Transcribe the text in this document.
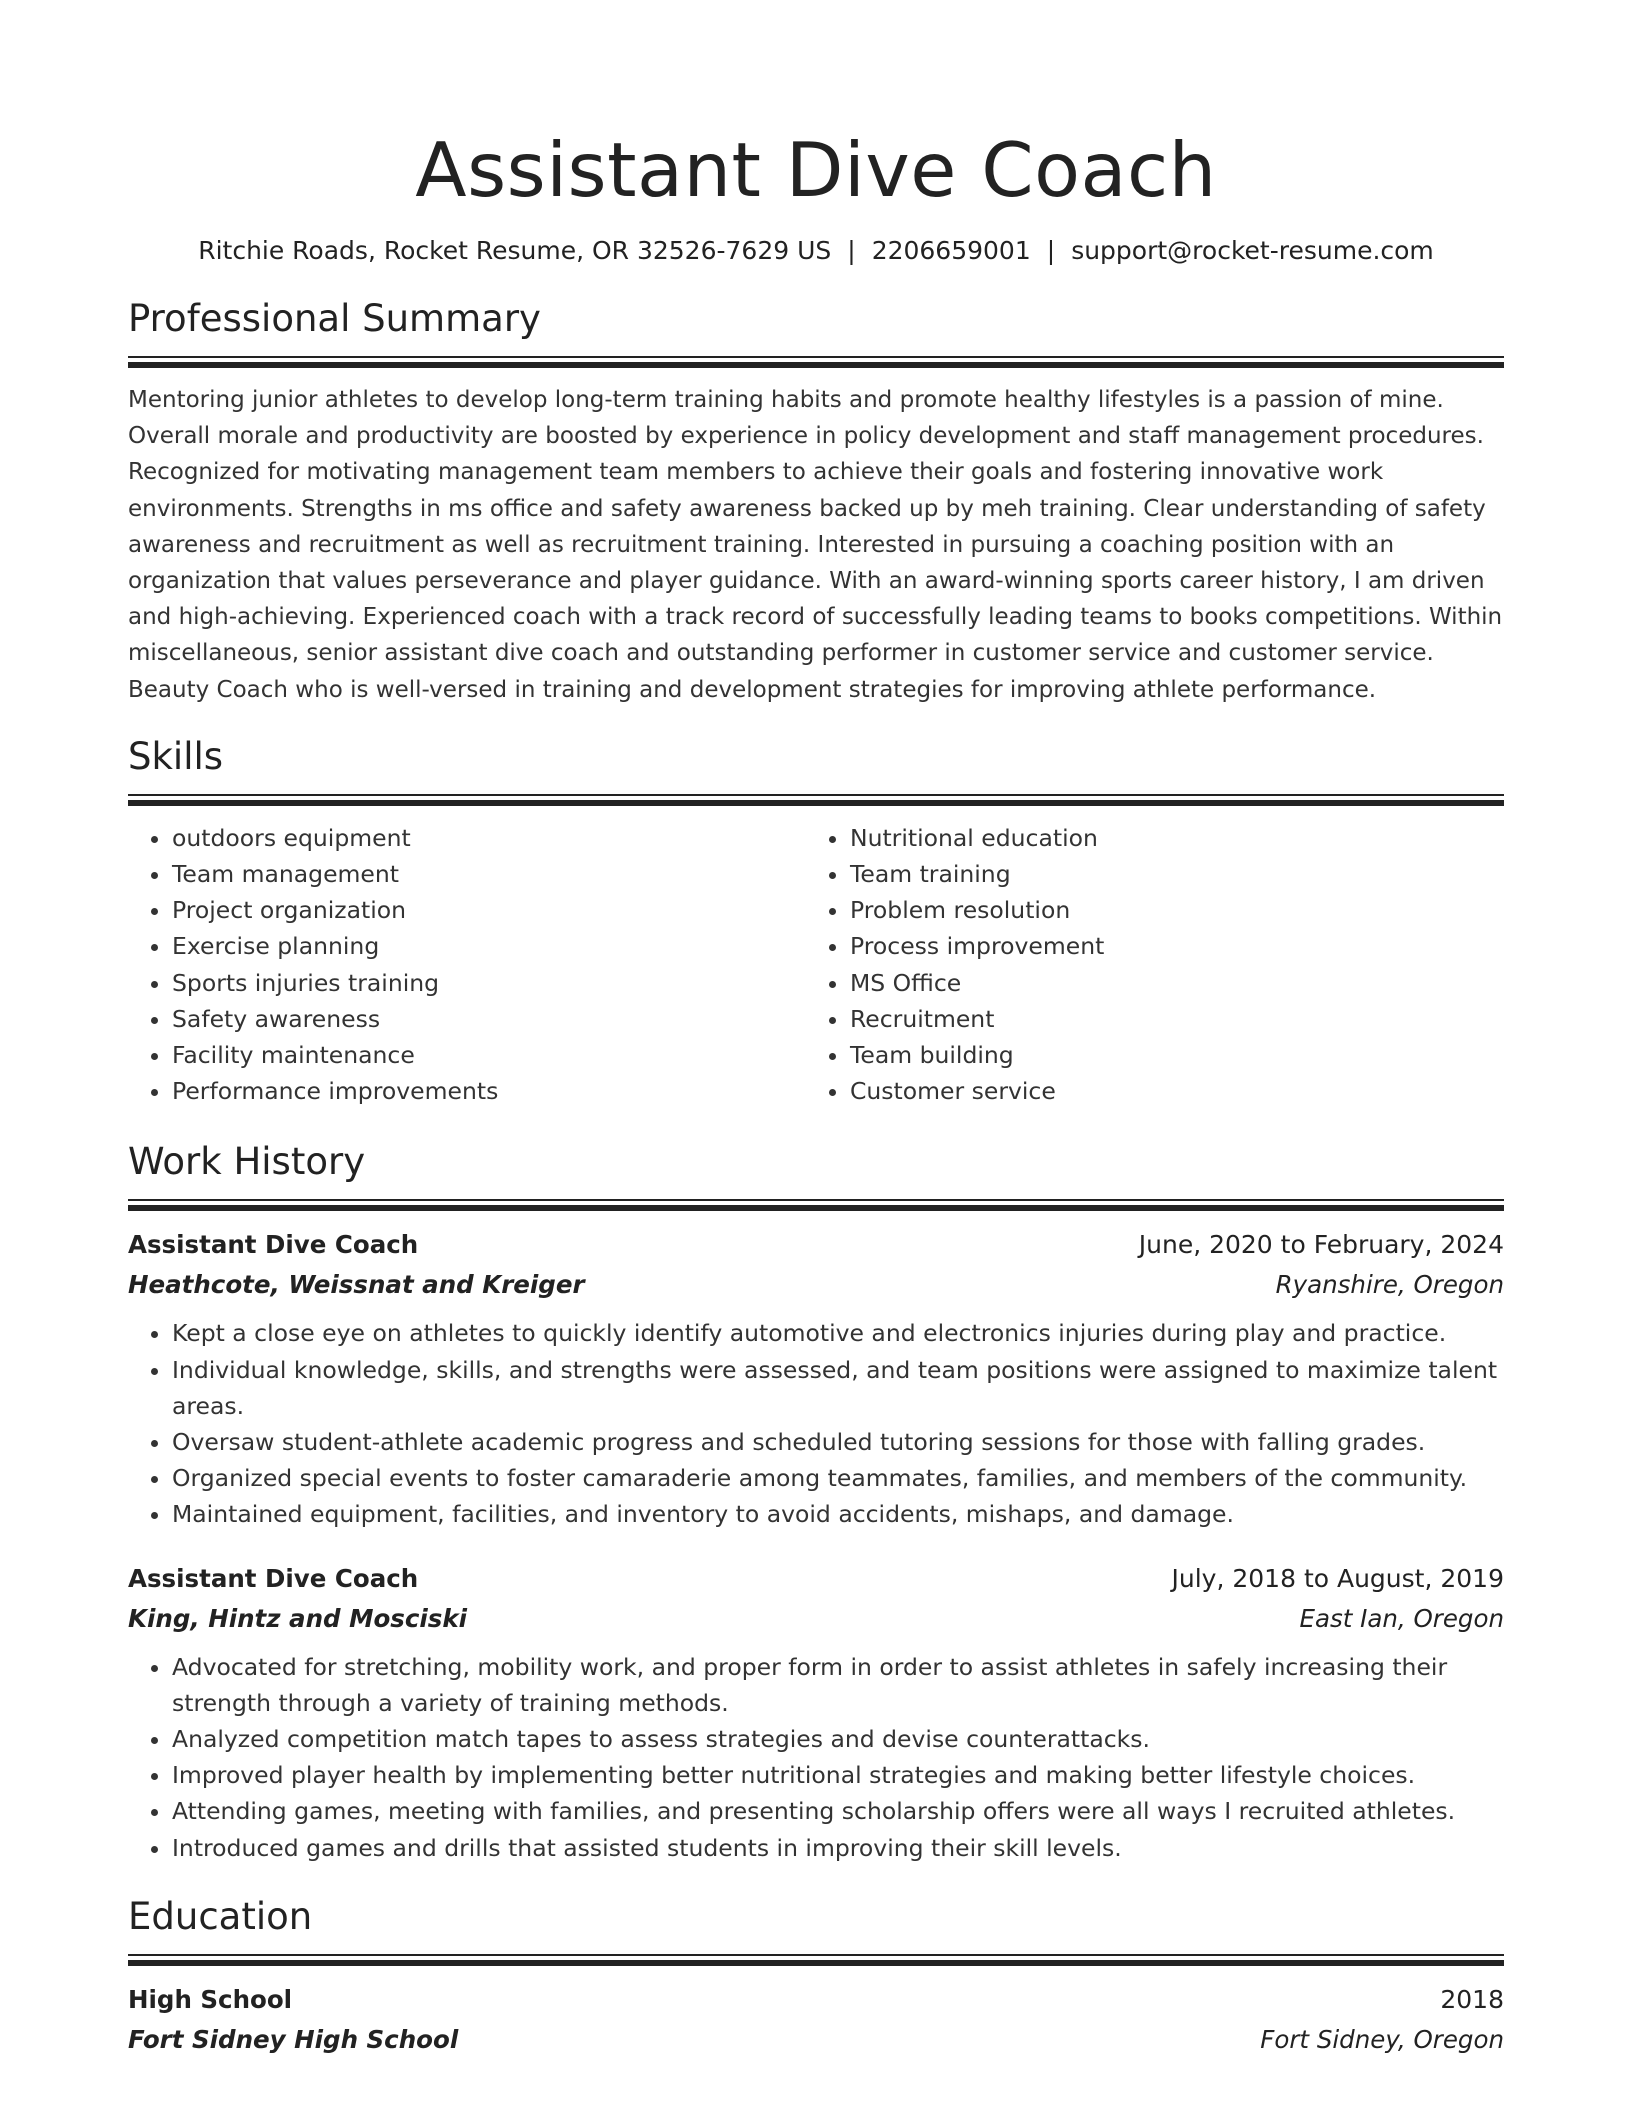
Assistant Dive Coach
Ritchie Roads, Rocket Resume, OR 32526-7629 US | 2206659001 | support@rocket-resume.com
Professional Summary

Mentoring junior athletes to develop long-term training habits and promote healthy lifestyles is a passion of mine. Overall morale and productivity are boosted by experience in policy development and staff management procedures. Recognized for motivating management team members to achieve their goals and fostering innovative work environments. Strengths in ms office and safety awareness backed up by meh training. Clear understanding of safety awareness and recruitment as well as recruitment training. Interested in pursuing a coaching position with an organization that values perseverance and player guidance. With an award-winning sports career history, I am driven and high-achieving. Experienced coach with a track record of successfully leading teams to books competitions. Within miscellaneous, senior assistant dive coach and outstanding performer in customer service and customer service. Beauty Coach who is well-versed in training and development strategies for improving athlete performance.

Skills
• outdoors equipment
• Team management
• Project organization
• Exercise planning
• Sports injuries training
• Safety awareness
• Facility maintenance
• Performance improvements
• Nutritional education
• Team training
• Problem resolution
• Process improvement
• MS Office
• Recruitment
• Team building
• Customer service
Work History
Assistant Dive Coach	June, 2020 to February, 2024
Heathcote, Weissnat and Kreiger	Ryanshire, Oregon
• Kept a close eye on athletes to quickly identify automotive and electronics injuries during play and practice.
• Individual knowledge, skills, and strengths were assessed, and team positions were assigned to maximize talent areas.
• Oversaw student-athlete academic progress and scheduled tutoring sessions for those with falling grades.
• Organized special events to foster camaraderie among teammates, families, and members of the community.
• Maintained equipment, facilities, and inventory to avoid accidents, mishaps, and damage.
Assistant Dive Coach	July, 2018 to August, 2019
King, Hintz and Mosciski	East Ian, Oregon
• Advocated for stretching, mobility work, and proper form in order to assist athletes in safely increasing their strength through a variety of training methods.
• Analyzed competition match tapes to assess strategies and devise counterattacks.
• Improved player health by implementing better nutritional strategies and making better lifestyle choices.
• Attending games, meeting with families, and presenting scholarship offers were all ways I recruited athletes.
• Introduced games and drills that assisted students in improving their skill levels.
Education
High School	2018
Fort Sidney High School	Fort Sidney, Oregon
